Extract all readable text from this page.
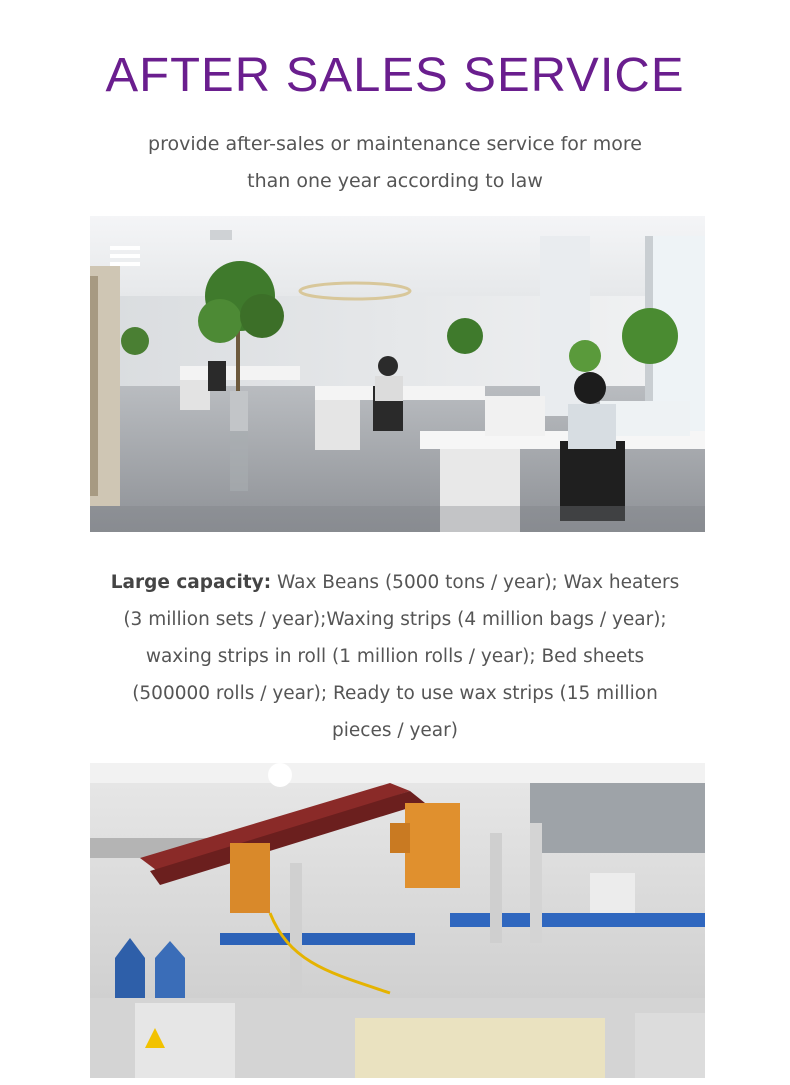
AFTER SALES SERVICE

provide after-sales or maintenance service for more than one year according to law

Large capacity: Wax Beans (5000 tons / year); Wax heaters (3 million sets / year);Waxing strips (4 million bags / year); waxing strips in roll (1 million rolls / year); Bed sheets (500000 rolls / year); Ready to use wax strips (15 million pieces / year)
